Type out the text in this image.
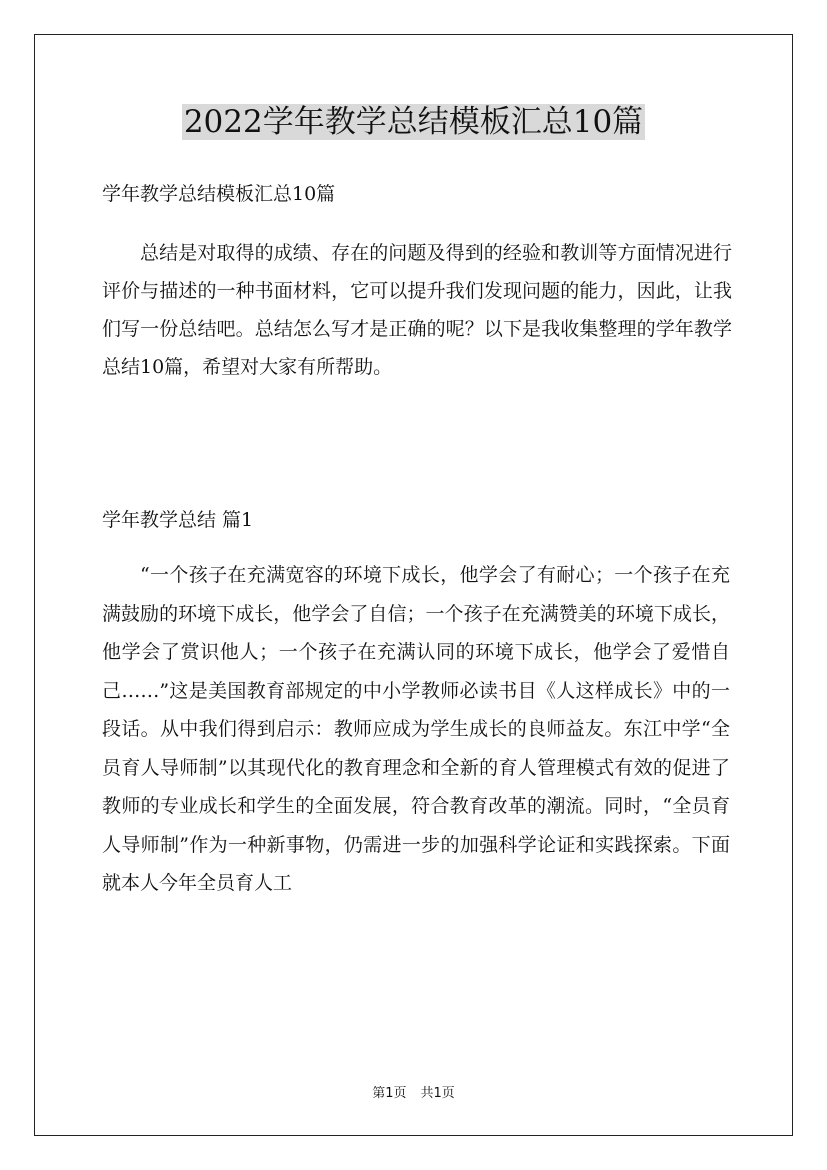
2022学年教学总结模板汇总10篇
学年教学总结模板汇总10篇
总结是对取得的成绩、存在的问题及得到的经验和教训等方面情况进行评价与描述的一种书面材料，它可以提升我们发现问题的能力，因此，让我们写一份总结吧。总结怎么写才是正确的呢？以下是我收集整理的学年教学总结10篇，希望对大家有所帮助。
学年教学总结 篇1
“一个孩子在充满宽容的环境下成长，他学会了有耐心；一个孩子在充满鼓励的环境下成长，他学会了自信；一个孩子在充满赞美的环境下成长，他学会了赏识他人；一个孩子在充满认同的环境下成长，他学会了爱惜自己……”这是美国教育部规定的中小学教师必读书目《人这样成长》中的一段话。从中我们得到启示：教师应成为学生成长的良师益友。东江中学“全员育人导师制”以其现代化的教育理念和全新的育人管理模式有效的促进了教师的专业成长和学生的全面发展，符合教育改革的潮流。同时，“全员育人导师制”作为一种新事物，仍需进一步的加强科学论证和实践探索。下面就本人今年全员育人工
第1页 共1页
